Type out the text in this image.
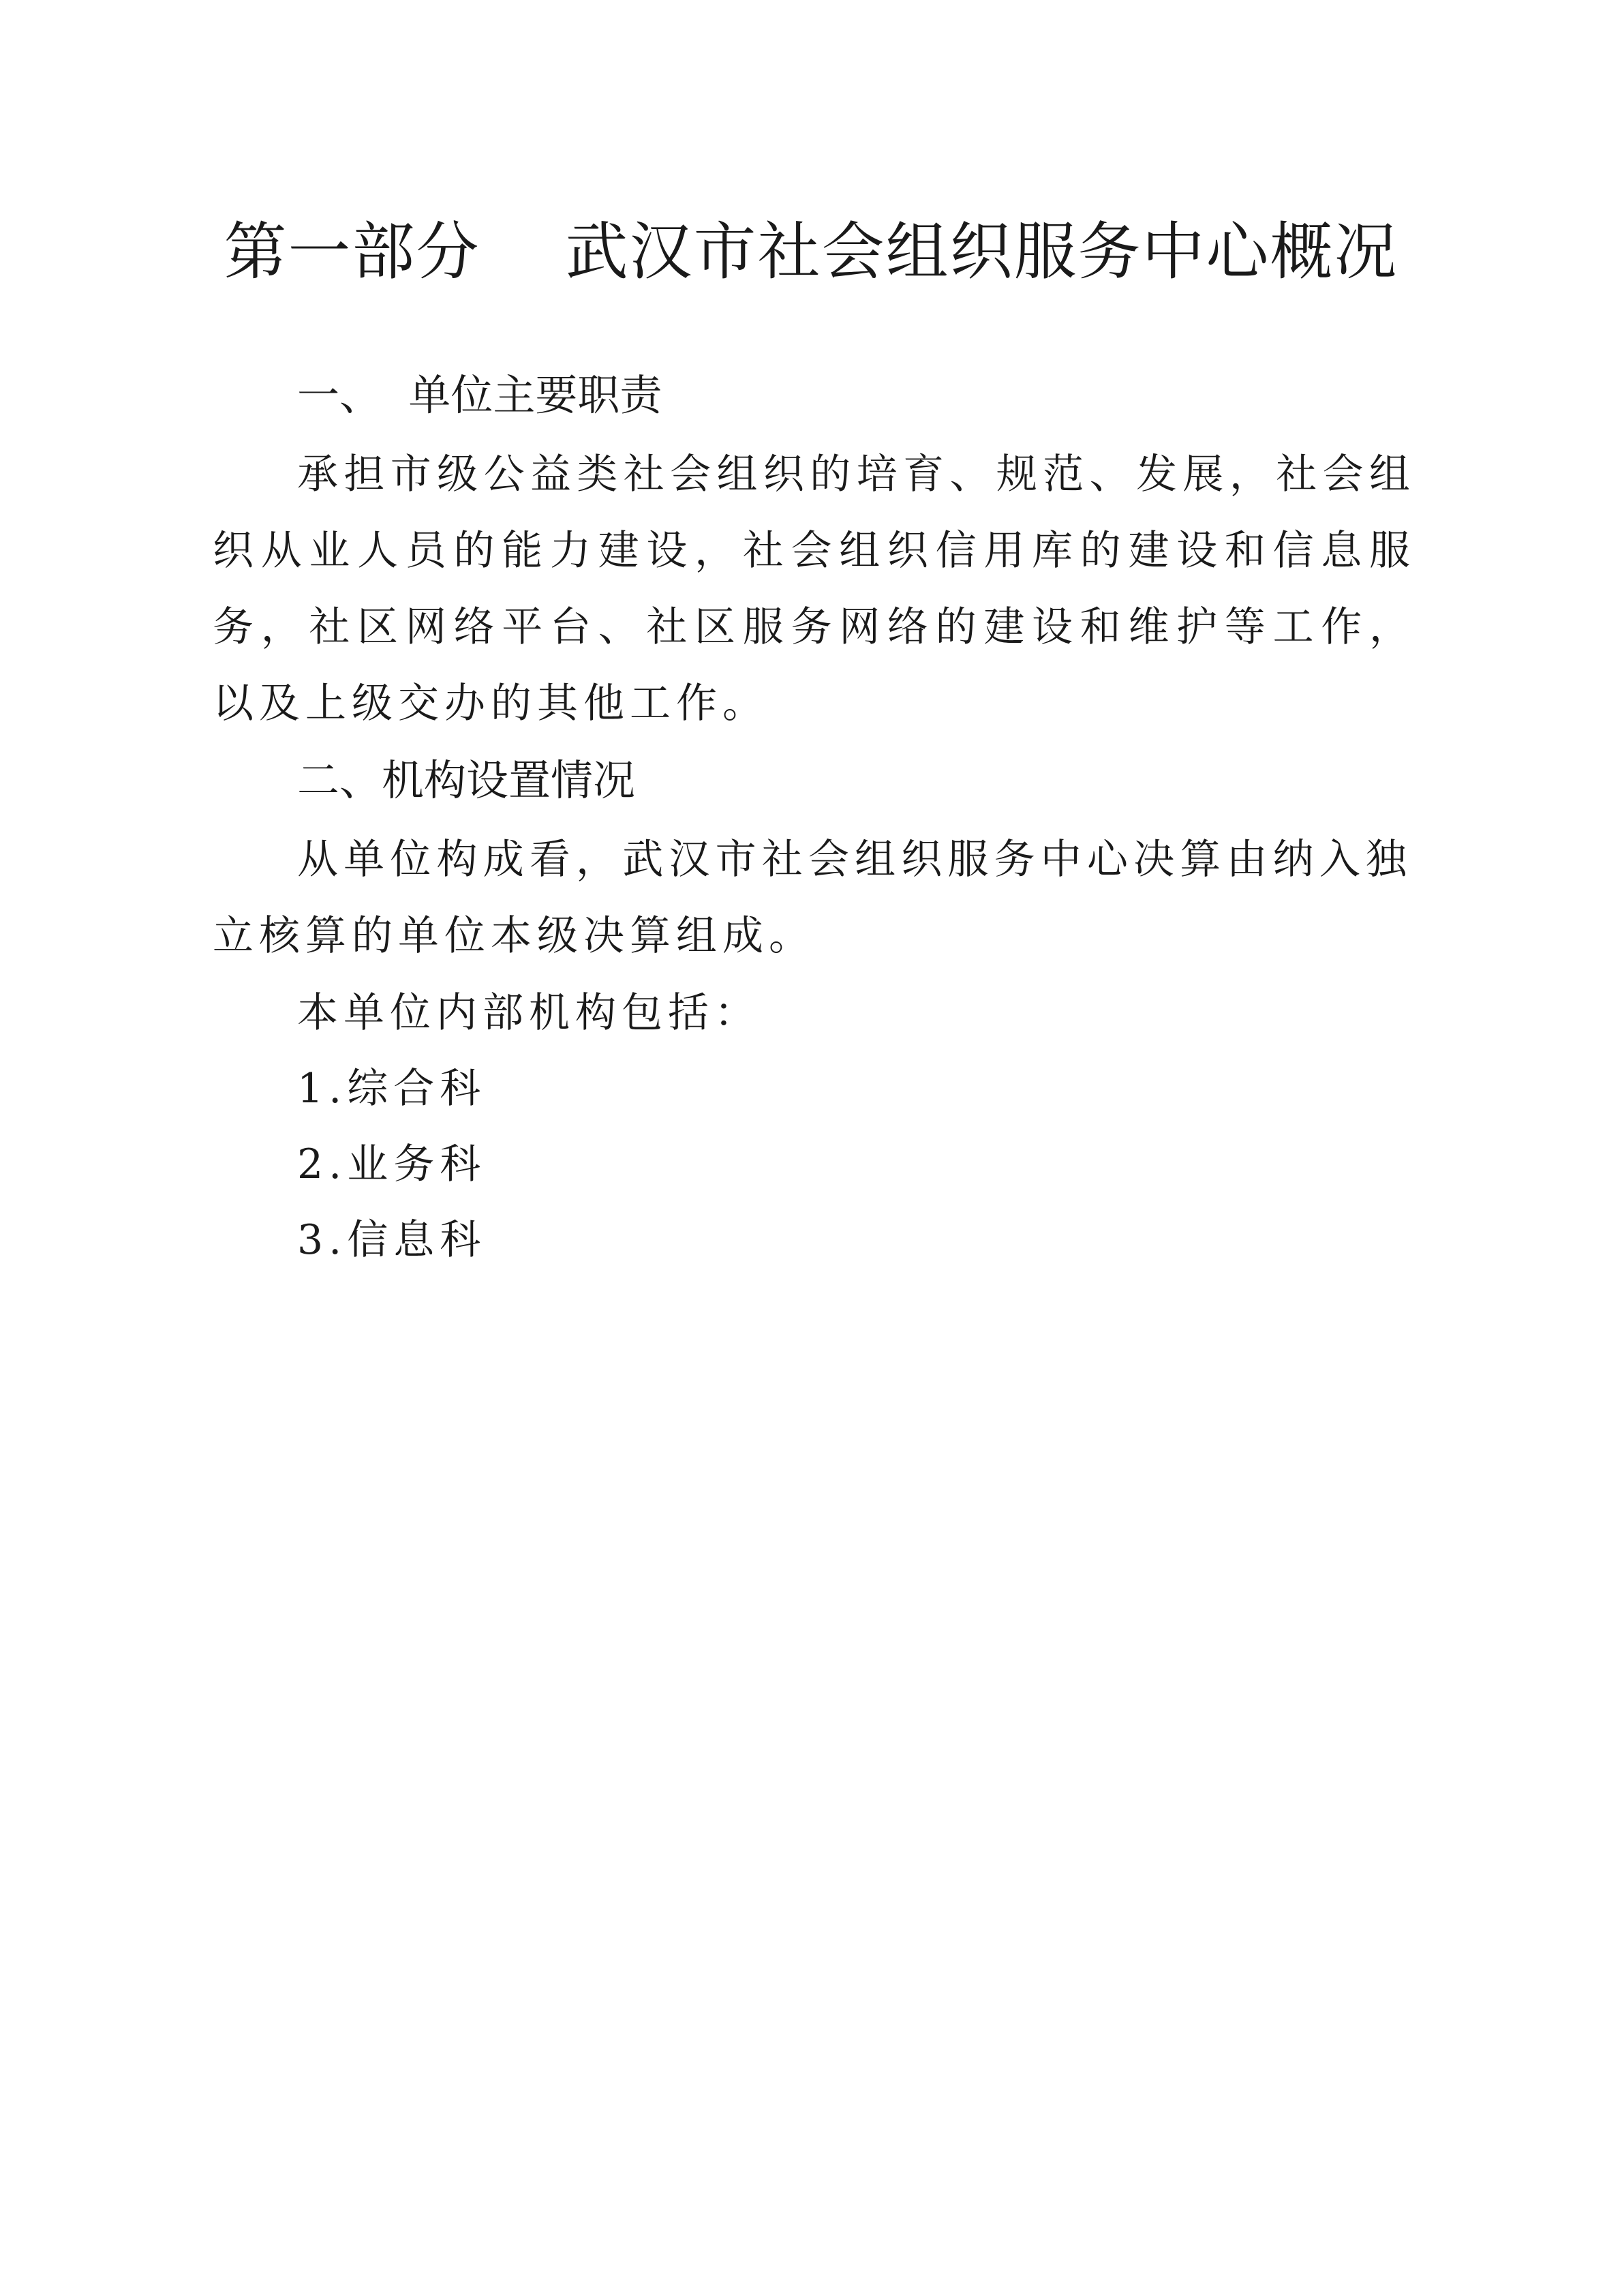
第一部分    武汉市社会组织服务中心概况
一、  单位主要职责
承担市级公益类社会组织的培育、规范、发展，社会组织从业人员的能力建设，社会组织信用库的建设和信息服务，社区网络平台、社区服务网络的建设和维护等工作，以及上级交办的其他工作。
二、机构设置情况
从单位构成看，武汉市社会组织服务中心决算由纳入独立核算的单位本级决算组成。
本单位内部机构包括：
1.综合科
2.业务科
3.信息科
